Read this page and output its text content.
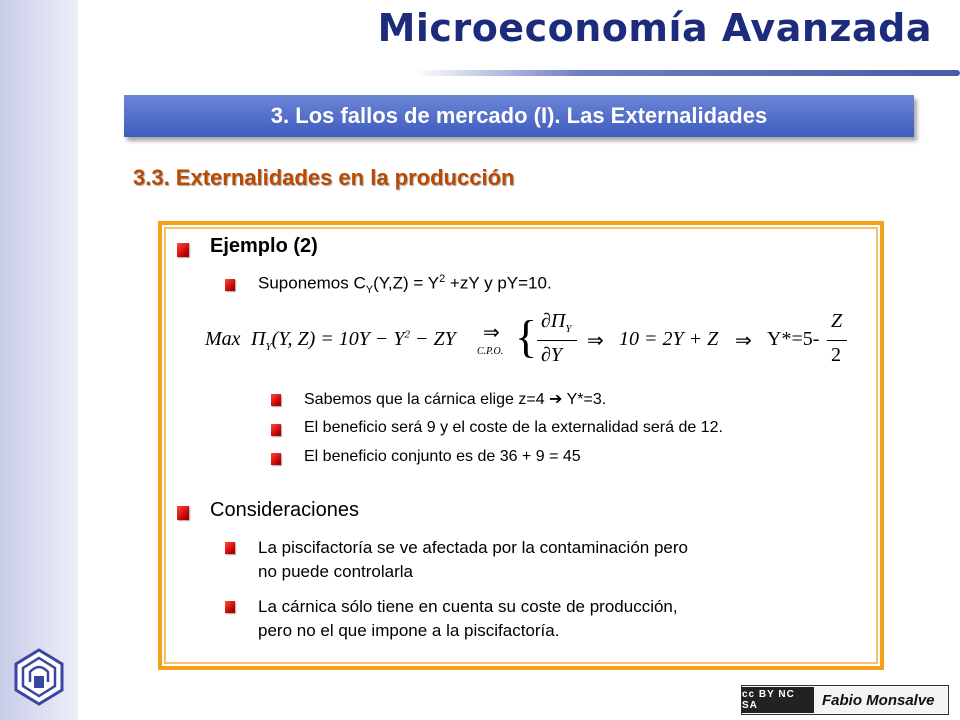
Microeconomía Avanzada
3. Los fallos de mercado (I). Las Externalidades
3.3. Externalidades en la producción
Ejemplo (2)
Suponemos $C_Y(Y,Z) = Y^2 +zY$ y pY=10.
Max $\Pi_Y(Y$, $Z) = 10Y - Y^2$ − ZY ⇒
C.P.O. { $\partial\Pi_Y$
∂Y
⇒ 10 = 2Y + Z ⇒ Y*=5-
Z
2
Sabemos que la cárnica elige z=4 ➔ Y*=3.
El beneficio será 9 y el coste de la externalidad será de 12.
El beneficio conjunto es de 36 + 9 = 45
Consideraciones
La piscifactoría se ve afectada por la contaminación pero
no puede controlarla
La cárnica sólo tiene en cuenta su coste de producción,
pero no el que impone a la piscifactoría.
cc BY NC SA	Fabio Monsalve
